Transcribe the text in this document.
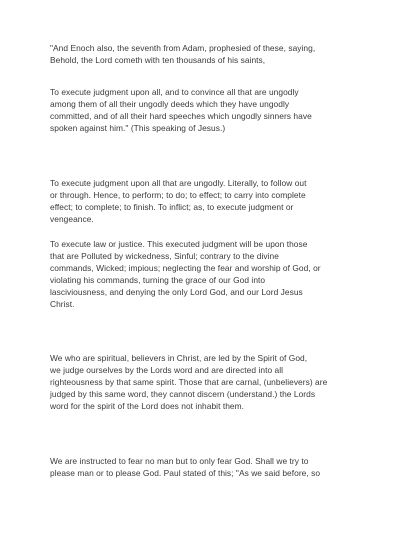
"And Enoch also, the seventh from Adam, prophesied of these, saying,
Behold, the Lord cometh with ten thousands of his saints,
To execute judgment upon all, and to convince all that are ungodly
among them of all their ungodly deeds which they have ungodly
committed, and of all their hard speeches which ungodly sinners have
spoken against him." (This speaking of Jesus.)
To execute judgment upon all that are ungodly. Literally, to follow out
or through. Hence, to perform; to do; to effect; to carry into complete
effect; to complete; to finish. To inflict; as, to execute judgment or
vengeance.
To execute law or justice. This executed judgment will be upon those
that are Polluted by wickedness, Sinful; contrary to the divine
commands, Wicked; impious; neglecting the fear and worship of God, or
violating his commands, turning the grace of our God into
lasciviousness, and denying the only Lord God, and our Lord Jesus
Christ.
We who are spiritual, believers in Christ, are led by the Spirit of God,
we judge ourselves by the Lords word and are directed into all
righteousness by that same spirit. Those that are carnal, (unbelievers) are
judged by this same word, they cannot discern (understand.) the Lords
word for the spirit of the Lord does not inhabit them.
We are instructed to fear no man but to only fear God. Shall we try to
please man or to please God. Paul stated of this; "As we said before, so
